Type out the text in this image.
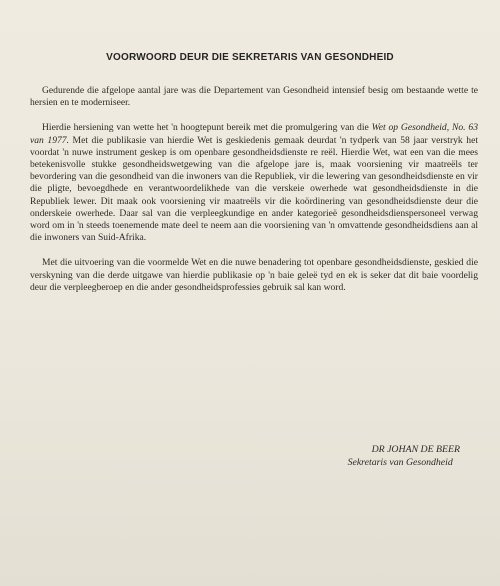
VOORWOORD DEUR DIE SEKRETARIS VAN GESONDHEID

Gedurende die afgelope aantal jare was die Departement van Gesondheid intensief besig om bestaande wette te hersien en te moderniseer.

Hierdie hersiening van wette het 'n hoogtepunt bereik met die promulgering van die Wet op Gesondheid, No. 63 van 1977. Met die publikasie van hierdie Wet is geskiedenis gemaak deurdat 'n tydperk van 58 jaar verstryk het voordat 'n nuwe instrument geskep is om openbare gesondheidsdienste re reël. Hierdie Wet, wat een van die mees betekenisvolle stukke gesondheidswetgewing van die afgelope jare is, maak voorsiening vir maatreëls ter bevordering van die gesondheid van die inwoners van die Republiek, vir die lewering van gesondheidsdienste en vir die pligte, bevoegdhede en verantwoordelikhede van die verskeie owerhede wat gesondheidsdienste in die Republiek lewer. Dit maak ook voorsiening vir maatreëls vir die koördinering van gesondheidsdienste deur die onderskeie owerhede. Daar sal van die verpleegkundige en ander kategorieë gesondheidsdienspersoneel verwag word om in 'n steeds toenemende mate deel te neem aan die voorsiening van 'n omvattende gesondheidsdiens aan al die inwoners van Suid-Afrika.

Met die uitvoering van die voormelde Wet en die nuwe benadering tot openbare gesondheidsdienste, geskied die verskyning van die derde uitgawe van hierdie publikasie op 'n baie geleë tyd en ek is seker dat dit baie voordelig deur die verpleegberoep en die ander gesondheidsprofessies gebruik sal kan word.

DR JOHAN DE BEER
Sekretaris van Gesondheid
